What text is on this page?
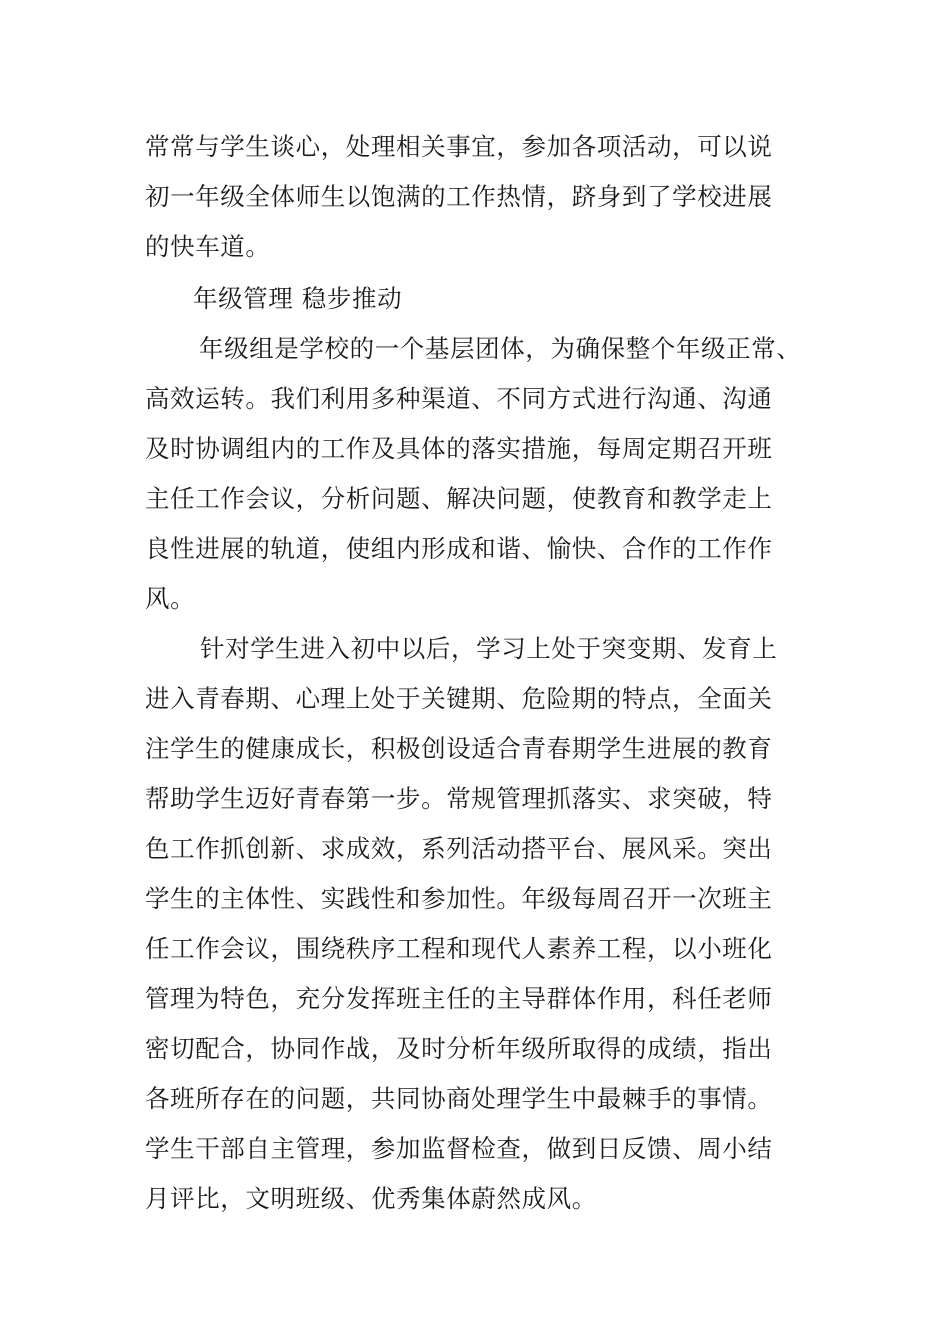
常常与学生谈心，处理相关事宜，参加各项活动，可以说

初一年级全体师生以饱满的工作热情，跻身到了学校进展

的快车道。

年级管理 稳步推动

年级组是学校的一个基层团体，为确保整个年级正常、

高效运转。我们利用多种渠道、不同方式进行沟通、沟通

及时协调组内的工作及具体的落实措施，每周定期召开班

主任工作会议，分析问题、解决问题，使教育和教学走上

良性进展的轨道，使组内形成和谐、愉快、合作的工作作

风。

针对学生进入初中以后，学习上处于突变期、发育上

进入青春期、心理上处于关键期、危险期的特点，全面关

注学生的健康成长，积极创设适合青春期学生进展的教育

帮助学生迈好青春第一步。常规管理抓落实、求突破，特

色工作抓创新、求成效，系列活动搭平台、展风采。突出

学生的主体性、实践性和参加性。年级每周召开一次班主

任工作会议，围绕秩序工程和现代人素养工程，以小班化

管理为特色，充分发挥班主任的主导群体作用，科任老师

密切配合，协同作战，及时分析年级所取得的成绩，指出

各班所存在的问题，共同协商处理学生中最棘手的事情。

学生干部自主管理，参加监督检查，做到日反馈、周小结

月评比，文明班级、优秀集体蔚然成风。
